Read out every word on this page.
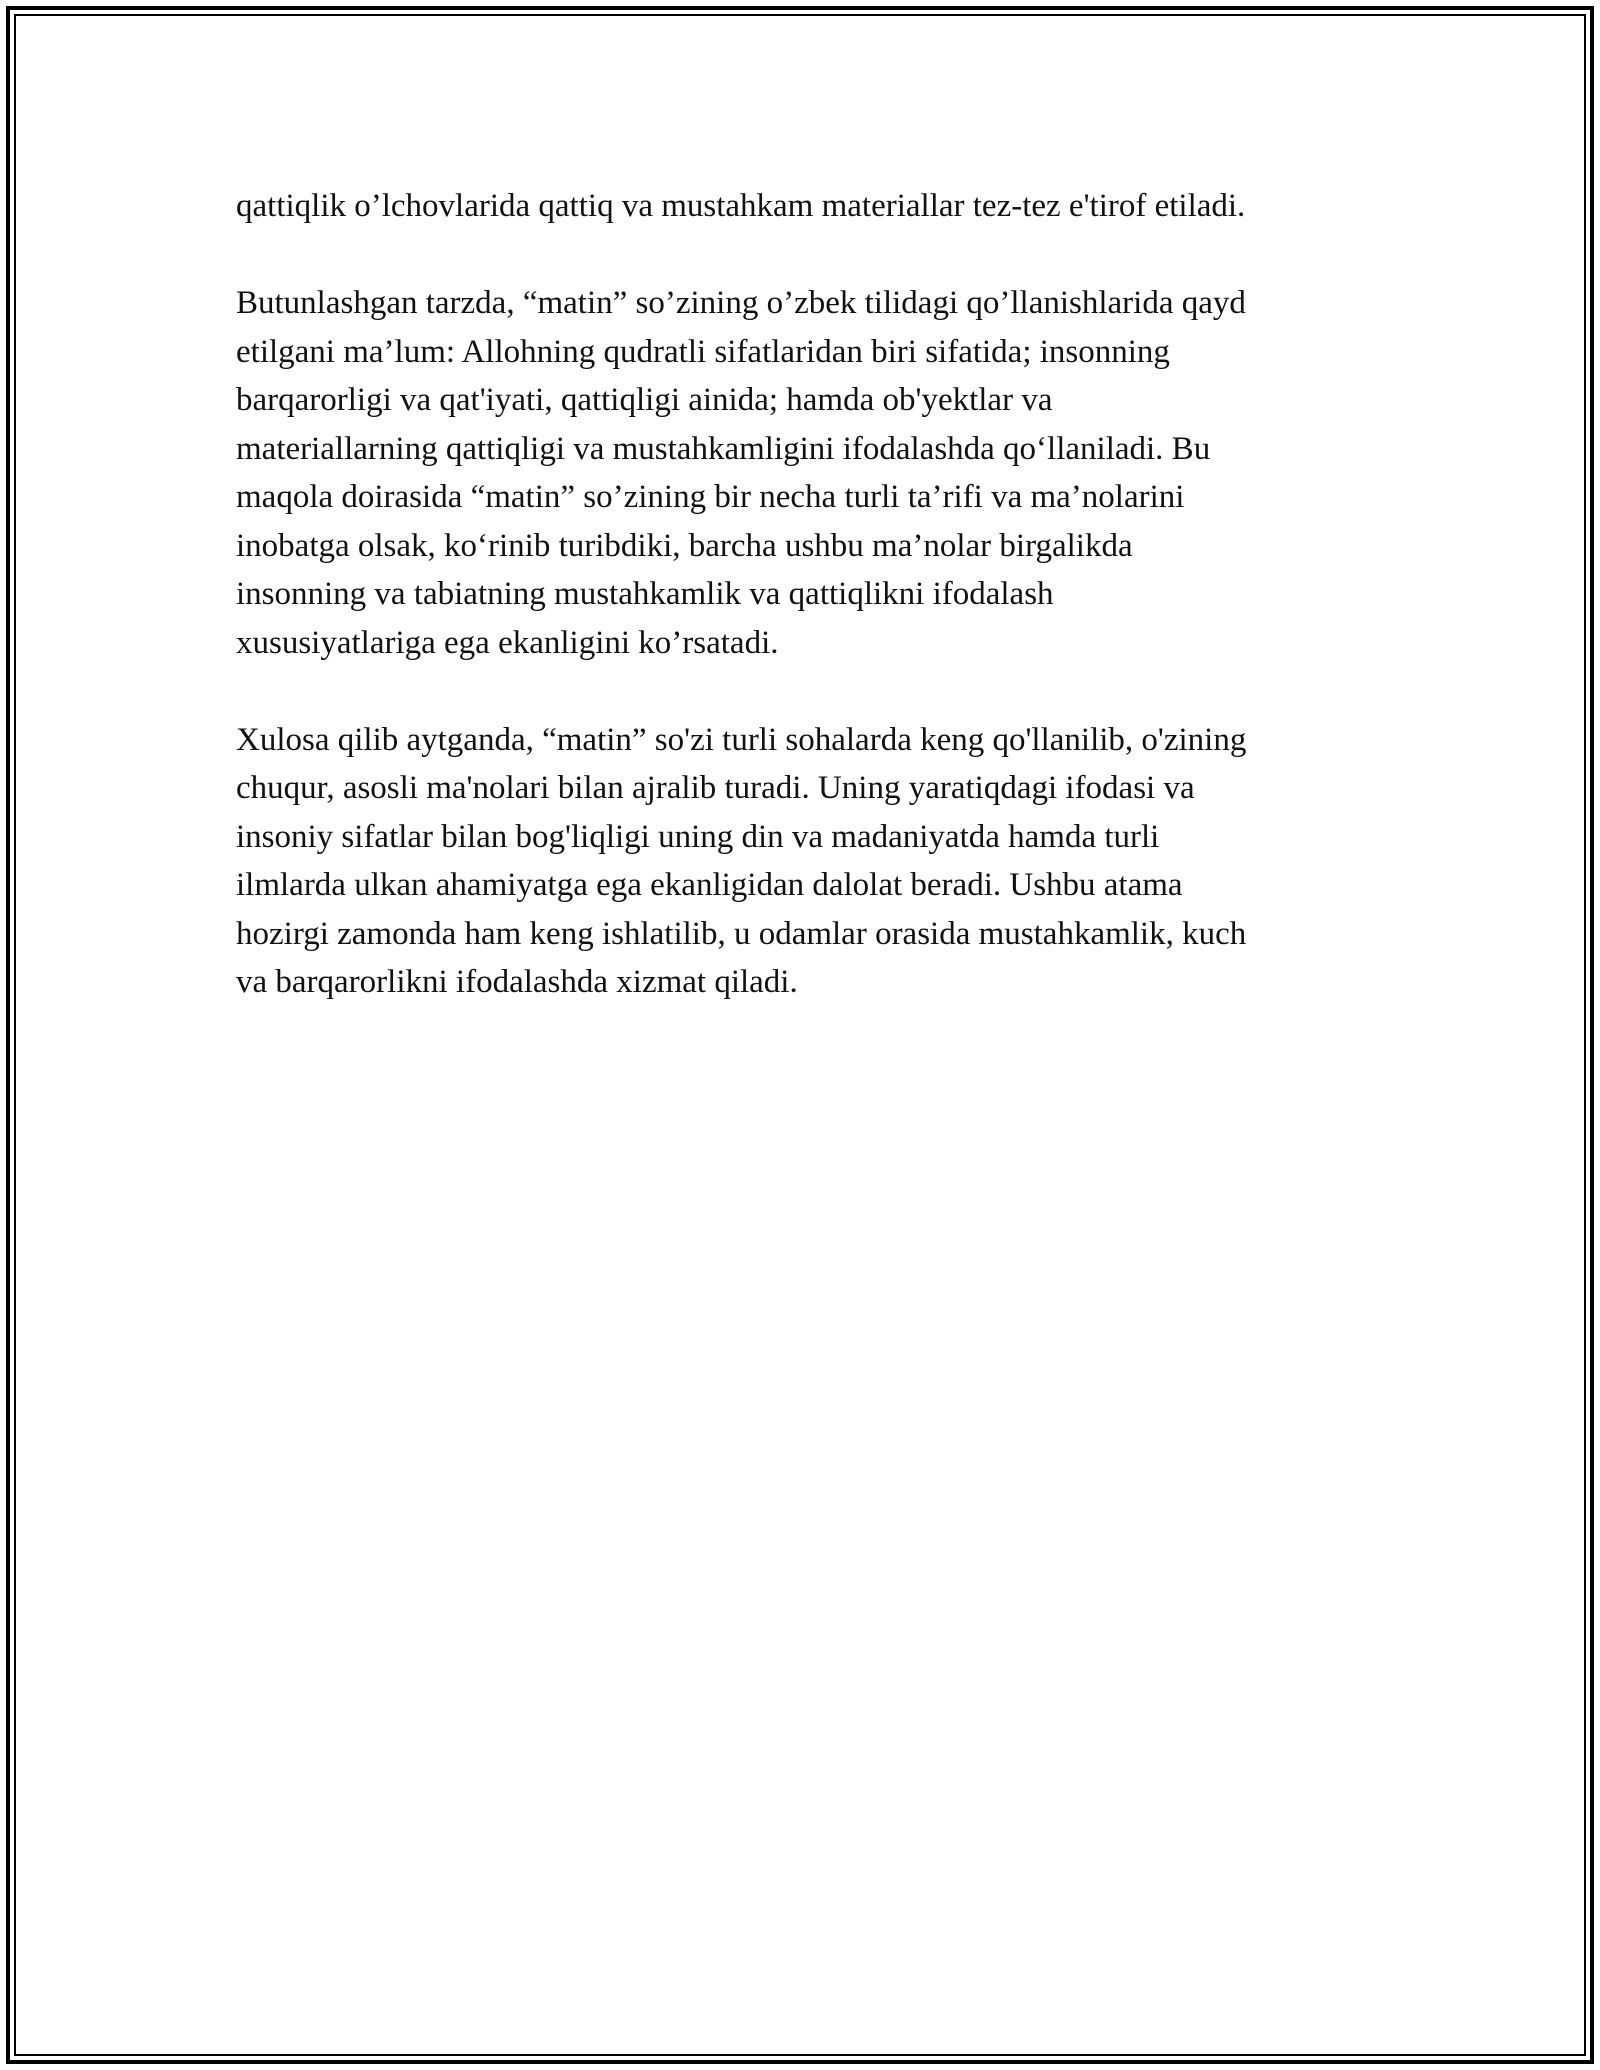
qattiqlik o’lchovlarida qattiq va mustahkam materiallar tez-tez e'tirof etiladi.

Butunlashgan tarzda, “matin” so’zining o’zbek tilidagi qo’llanishlarida qayd
etilgani ma’lum: Allohning qudratli sifatlaridan biri sifatida; insonning
barqarorligi va qat'iyati, qattiqligi ainida; hamda ob'yektlar va
materiallarning qattiqligi va mustahkamligini ifodalashda qo‘llaniladi. Bu
maqola doirasida “matin” so’zining bir necha turli ta’rifi va ma’nolarini
inobatga olsak, ko‘rinib turibdiki, barcha ushbu ma’nolar birgalikda
insonning va tabiatning mustahkamlik va qattiqlikni ifodalash
xususiyatlariga ega ekanligini ko’rsatadi.

Xulosa qilib aytganda, “matin” so'zi turli sohalarda keng qo'llanilib, o'zining
chuqur, asosli ma'nolari bilan ajralib turadi. Uning yaratiqdagi ifodasi va
insoniy sifatlar bilan bog'liqligi uning din va madaniyatda hamda turli
ilmlarda ulkan ahamiyatga ega ekanligidan dalolat beradi. Ushbu atama
hozirgi zamonda ham keng ishlatilib, u odamlar orasida mustahkamlik, kuch
va barqarorlikni ifodalashda xizmat qiladi.
